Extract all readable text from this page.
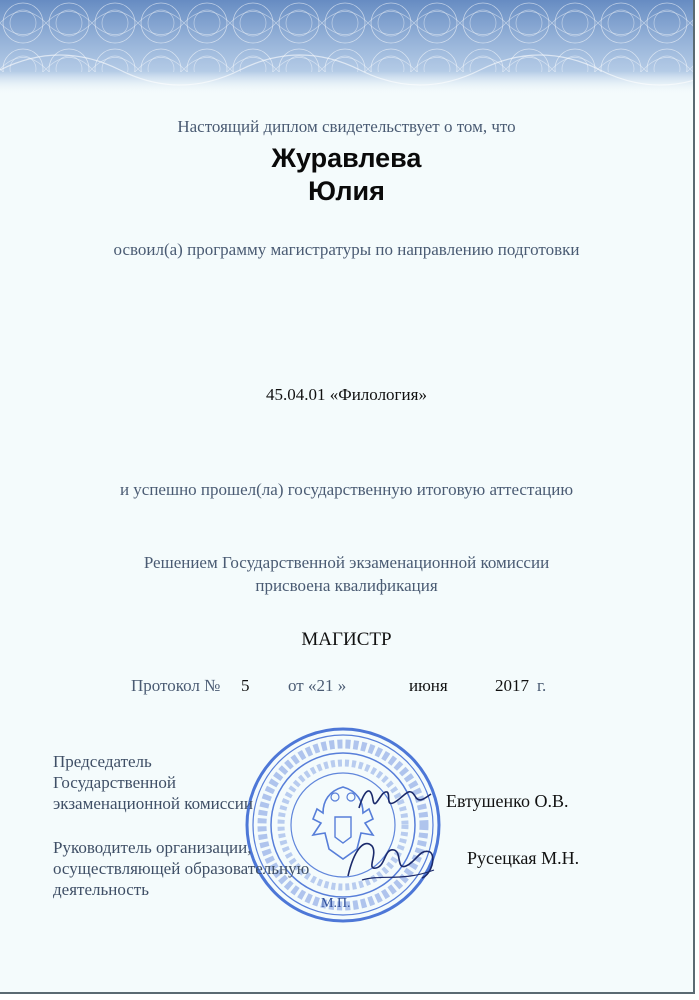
Настоящий диплом свидетельствует о том, что
Журавлева
Юлия
освоил(а) программу магистратуры по направлению подготовки
45.04.01 «Филология»
и успешно прошел(ла) государственную итоговую аттестацию
Решением Государственной экзаменационной комиссии
присвоена квалификация
МАГИСТР
Протокол № 5 от «21 »	июня	2017 г.
М.П.
Председатель
Государственной
экзаменационной комиссии	Евтушенко О.В.
Руководитель организации,
осуществляющей образовательную
деятельность
Русецкая М.Н.
